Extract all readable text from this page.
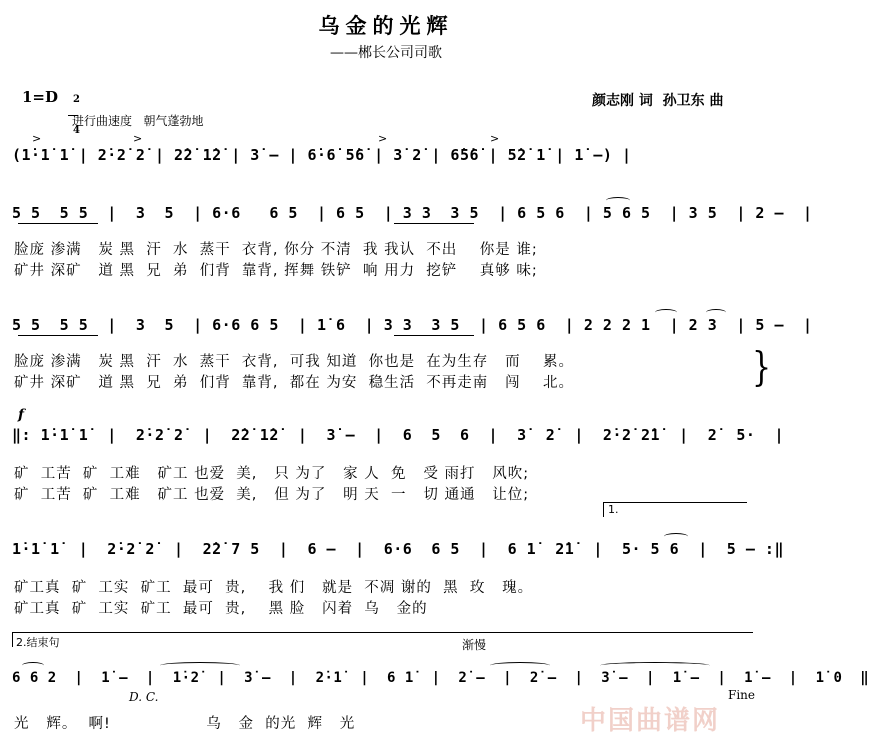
乌金的光辉
——郴长公司司歌
1=D	2

4

颜志刚 词  孙卫东 曲
进行曲速度   朝气蓬勃地
(1̇·1̇ 1̇ | 2̇·2̇ 2̇ | 2̇2̇ 1̇2̇ | 3̇ – | 6̇·6̇ 5̇6̇ | 3̇ 2̇ | 6̇5̇6̇ | 5̇2̇ 1̇ | 1̇ –) |
5 5  5 5  |  3  5  | 6·6   6 5  | 6 5  | 3 3  3 5  | 6 5 6  | 5 6 5  | 3 5  | 2 –  |
脸庞 渗满   炭 黑  汗  水  蒸干  衣背, 你分 不清  我 我认  不出    你是 谁;
矿井 深矿   道 黑  兄  弟  们背  靠背, 挥舞 铁铲  响 用力  挖铲    真够 味;
5 5  5 5  |  3  5  | 6·6 6 5  | 1̇ 6  | 3 3  3 5  | 6 5 6  | 2 2 2 1  | 2 3  | 5 –  |
脸庞 渗满   炭 黑  汗  水  蒸干  衣背,  可我 知道  你也是  在为生存   而    累。
矿井 深矿   道 黑  兄  弟  们背  靠背,  都在 为安  稳生活  不再走南   闯    北。	}
f
‖: 1̇·1̇ 1̇  |  2̇·2̇ 2̇  |  2̇2̇ 1̇2̇  |  3̇ –  |  6  5  6  |  3̇  2̇  |  2̇·2̇ 2̇1̇  |  2̇  5·  |
矿  工苦  矿  工难   矿工 也爱  美,   只 为了   家 人  免   受 雨打   风吹;
矿  工苦  矿  工难   矿工 也爱  美,   但 为了   明 天  一   切 通通   让位;
1.
1̇·1̇ 1̇  |  2̇·2̇ 2̇  |  2̇2̇ 7 5  |  6 –  |  6·6  6 5  |  6 1̇  2̇1̇  |  5· 5 6  |  5 – :‖
矿工真  矿  工实  矿工  最可  贵,    我 们   就是  不凋 谢的  黑  玫   瑰。
矿工真  矿  工实  矿工  最可  贵,    黑 脸   闪着  乌   金的
2.结束句	渐慢
6 6 2  |  1̇ –  |  1̇·2̇  |  3̇ –  |  2̇·1̇  |  6 1̇  |  2̇ –  |  2̇ –  |  3̇ –  |  1̇ –  |  1̇ –  |  1̇ 0  ‖
D. C.	Fine
光   辉。  啊!                 乌   金  的光  辉   光
>	>	>	>
中国曲谱网
